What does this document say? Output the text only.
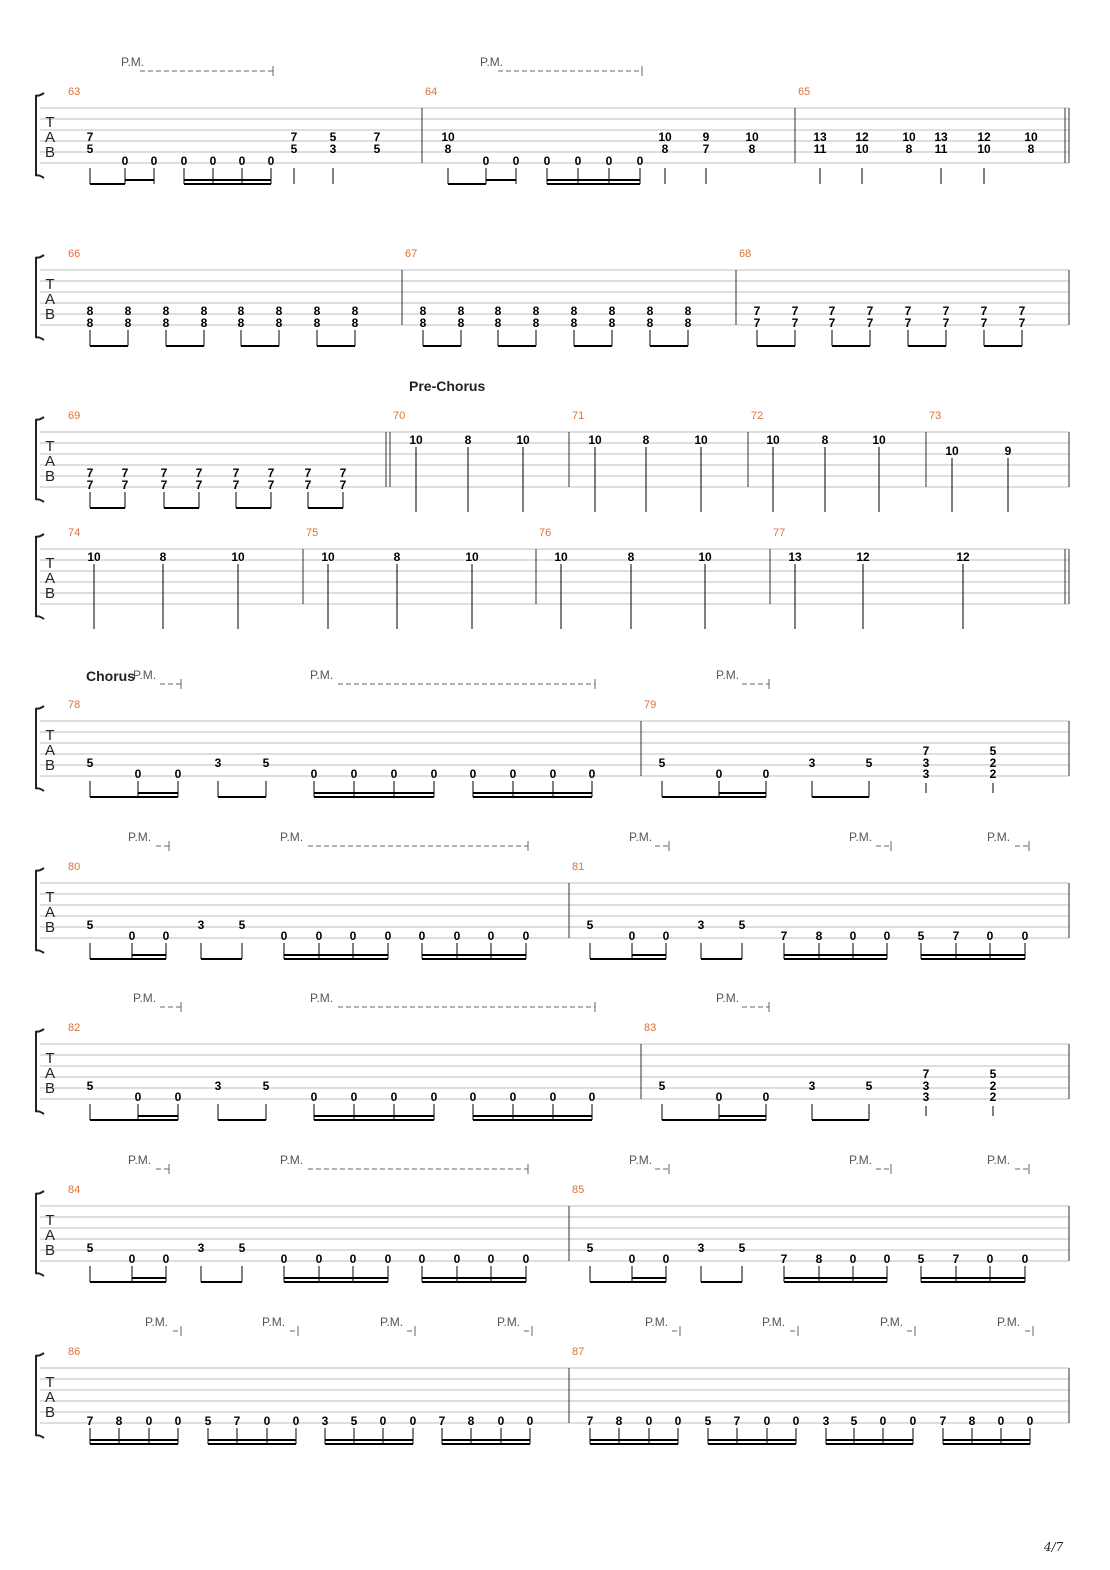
T
A
B
P.M.	P.M.
63
7
5
0 0 0 0 0 0
7
5
5
3
7
5
64
10
8
0 0 0 0 0 0
10
8
9
7
10
8
65
13
11
12
10
10
8
13
11
12
10
10
8
T
A
B
66
8
8
8
8
8
8
8
8
8
8
8
8
8
8
8
8
67
8
8
8
8
8
8
8
8
8
8
8
8
8
8
8
8
68
7
7
7
7
7
7
7
7
7
7
7
7
7
7
7
7
T
A
B
69
7
7
7
7
7
7
7
7
7
7
7
7
7
7
7
7
70
10	8	10
71
10	8	10
72
10	8	10
73
10	9
T
A
B
74
10	8	10
75
10	8	10
76
10	8	10
77
13	12	12
T
A
B
P.M.	P.M.	P.M.
78
5
0	0
3	5
0	0	0	0	0	0	0	0
79
5
0	0
3	5
7
3
3
5
2
2
T
A
B
P.M.	P.M.	P.M.	P.M.	P.M.
80
5
0 0
3	5
0 0 0 0 0 0 0 0
81
5
0 0
3	5
7 8 0 0 5 7 0 0
T
A
B
P.M.	P.M.	P.M.
82
5
0	0
3	5
0	0	0	0	0	0	0	0
83
5
0	0
3	5
7
3
3
5
2
2
T
A
B
P.M.	P.M.	P.M.	P.M.	P.M.
84
5
0 0
3	5
0 0 0 0 0 0 0 0
85
5
0 0
3	5
7 8 0 0 5 7 0 0
T
A
B
P.M.	P.M.	P.M.	P.M.	P.M.	P.M.	P.M.	P.M.
86
7 8 0 0 5 7 0 0 3 5 0 0 7 8 0 0
87
7 8 0 0 5 7 0 0 3 5 0 0 7 8 0 0
Pre-Chorus
Chorus
4/7
